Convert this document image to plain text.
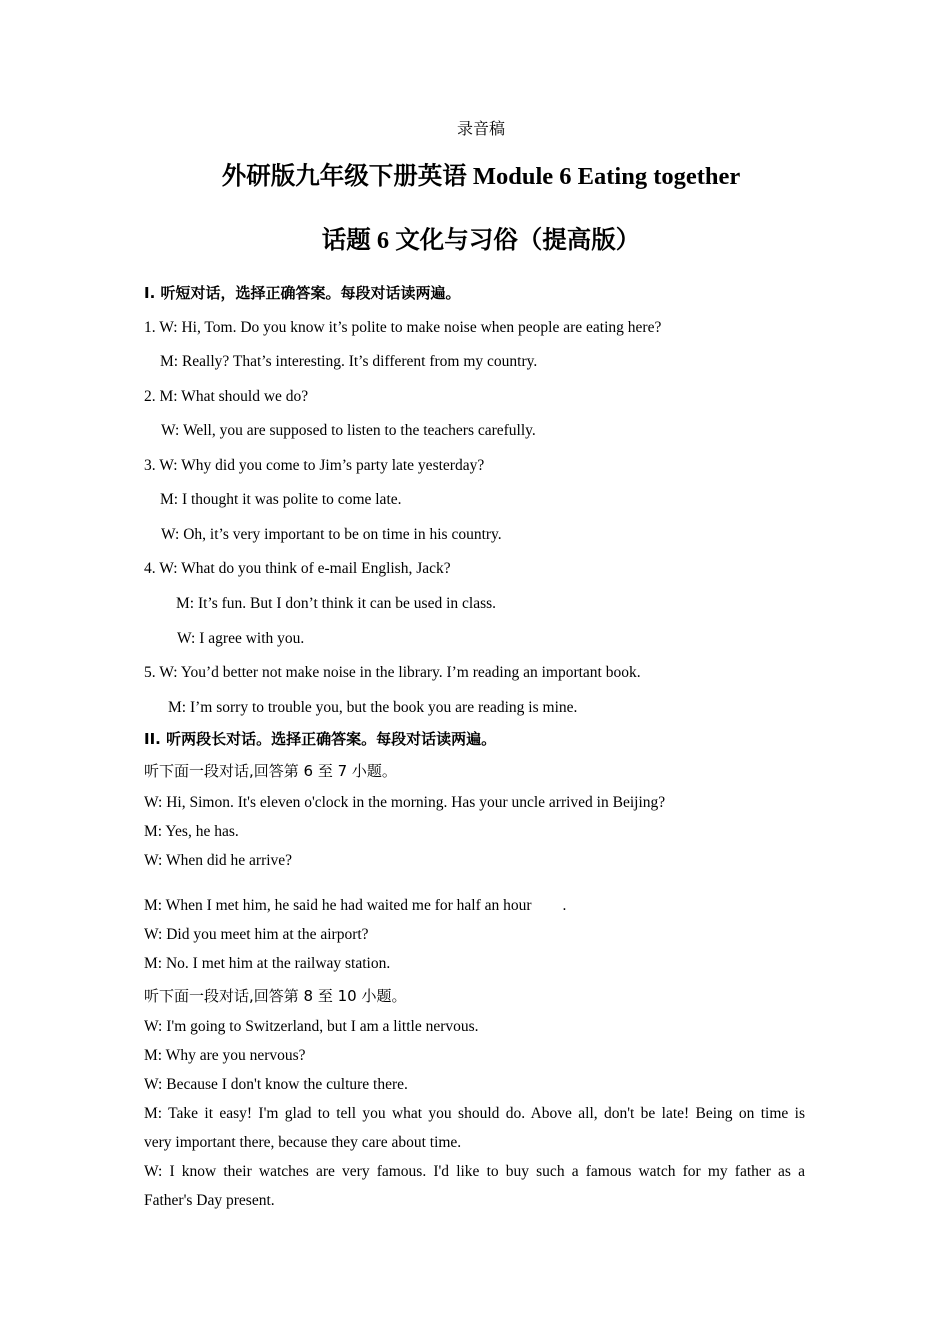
录音稿
外研版九年级下册英语 Module 6 Eating together
话题 6 文化与习俗（提高版）
I. 听短对话，选择正确答案。每段对话读两遍。
1. W: Hi, Tom. Do you know it’s polite to make noise when people are eating here?
M: Really? That’s interesting. It’s different from my country.
2. M: What should we do?
W: Well, you are supposed to listen to the teachers carefully.
3. W: Why did you come to Jim’s party late yesterday?
M: I thought it was polite to come late.
W: Oh, it’s very important to be on time in his country.
4. W: What do you think of e-mail English, Jack?
M: It’s fun. But I don’t think it can be used in class.
W: I agree with you.
5. W: You’d better not make noise in the library. I’m reading an important book.
M: I’m sorry to trouble you, but the book you are reading is mine.
II. 听两段长对话。选择正确答案。每段对话读两遍。
听下面一段对话,回答第 6 至 7 小题。
W: Hi, Simon. It's eleven o'clock in the morning. Has your uncle arrived in Beijing?
M: Yes, he has.
W: When did he arrive?
M: When I met him, he said he had waited me for half an hour        .
W: Did you meet him at the airport?
M: No. I met him at the railway station.
听下面一段对话,回答第 8 至 10 小题。
W: I'm going to Switzerland, but I am a little nervous.
M: Why are you nervous?
W: Because I don't know the culture there.
M: Take it easy! I'm glad to tell you what you should do. Above all, don't be late! Being on time is
very important there, because they care about time.
W: I know their watches are very famous. I'd like to buy such a famous watch for my father as a
Father's Day present.
